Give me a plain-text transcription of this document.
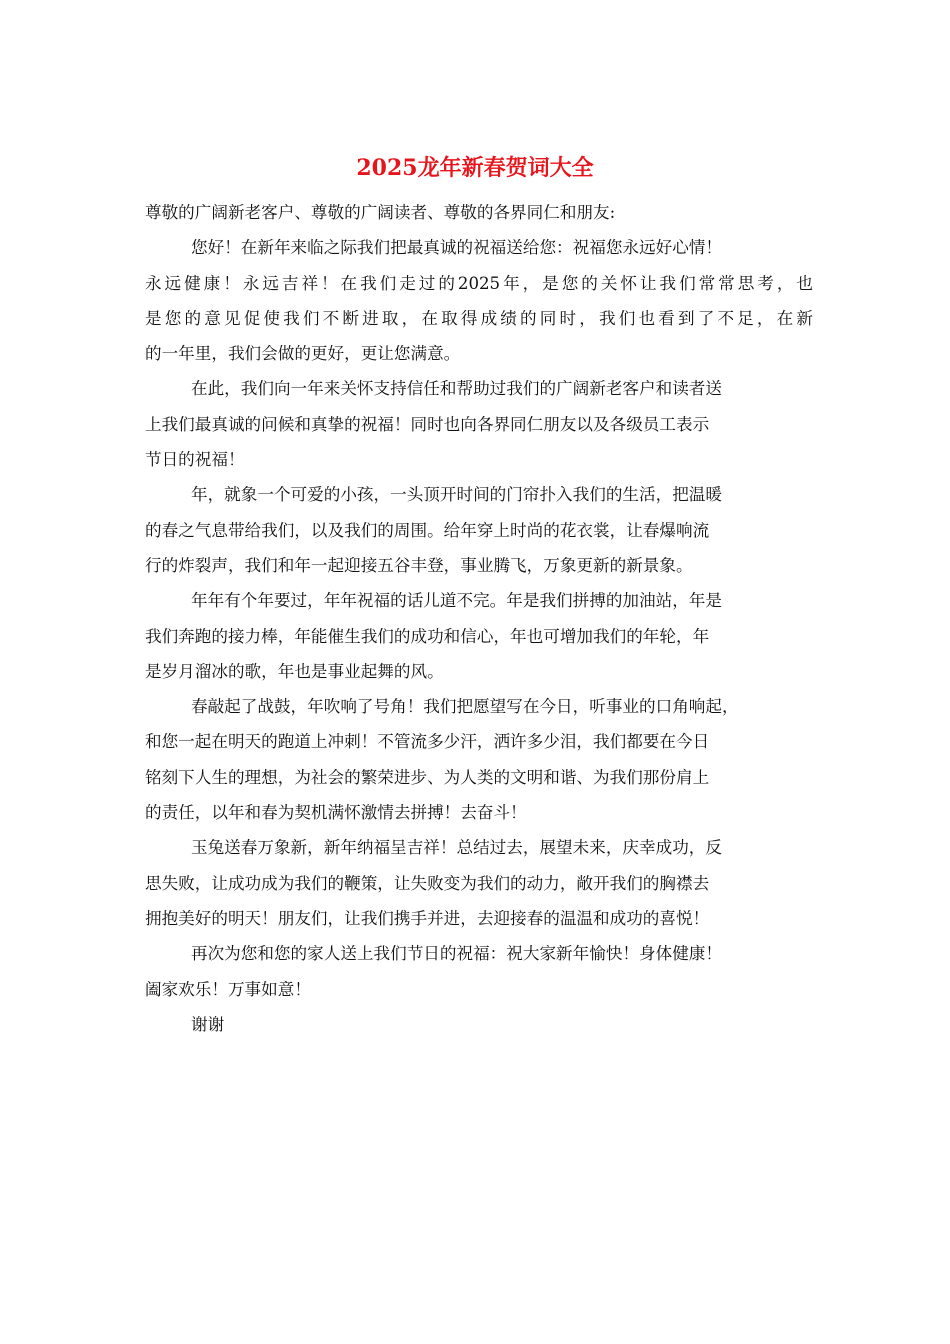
2025龙年新春贺词大全
尊敬的广阔新老客户、尊敬的广阔读者、尊敬的各界同仁和朋友:
您好！在新年来临之际我们把最真诚的祝福送给您：祝福您永远好心情！
永远健康！永远吉祥！在我们走过的2025年，是您的关怀让我们常常思考，也
是您的意见促使我们不断进取，在取得成绩的同时，我们也看到了不足，在新
的一年里，我们会做的更好，更让您满意。
在此，我们向一年来关怀支持信任和帮助过我们的广阔新老客户和读者送
上我们最真诚的问候和真挚的祝福！同时也向各界同仁朋友以及各级员工表示
节日的祝福！
年，就象一个可爱的小孩，一头顶开时间的门帘扑入我们的生活，把温暖
的春之气息带给我们，以及我们的周围。给年穿上时尚的花衣裳，让春爆响流
行的炸裂声，我们和年一起迎接五谷丰登，事业腾飞，万象更新的新景象。
年年有个年要过，年年祝福的话儿道不完。年是我们拼搏的加油站，年是
我们奔跑的接力棒，年能催生我们的成功和信心，年也可增加我们的年轮，年
是岁月溜冰的歌，年也是事业起舞的风。
春敲起了战鼓，年吹响了号角！我们把愿望写在今日，听事业的口角响起，
和您一起在明天的跑道上冲刺！不管流多少汗，洒许多少泪，我们都要在今日
铭刻下人生的理想，为社会的繁荣进步、为人类的文明和谐、为我们那份肩上
的责任，以年和春为契机满怀激情去拼搏！去奋斗！
玉兔送春万象新，新年纳福呈吉祥！总结过去，展望未来，庆幸成功，反
思失败，让成功成为我们的鞭策，让失败变为我们的动力，敞开我们的胸襟去
拥抱美好的明天！朋友们，让我们携手并进，去迎接春的温温和成功的喜悦！
再次为您和您的家人送上我们节日的祝福：祝大家新年愉快！身体健康！
阖家欢乐！万事如意！
谢谢
